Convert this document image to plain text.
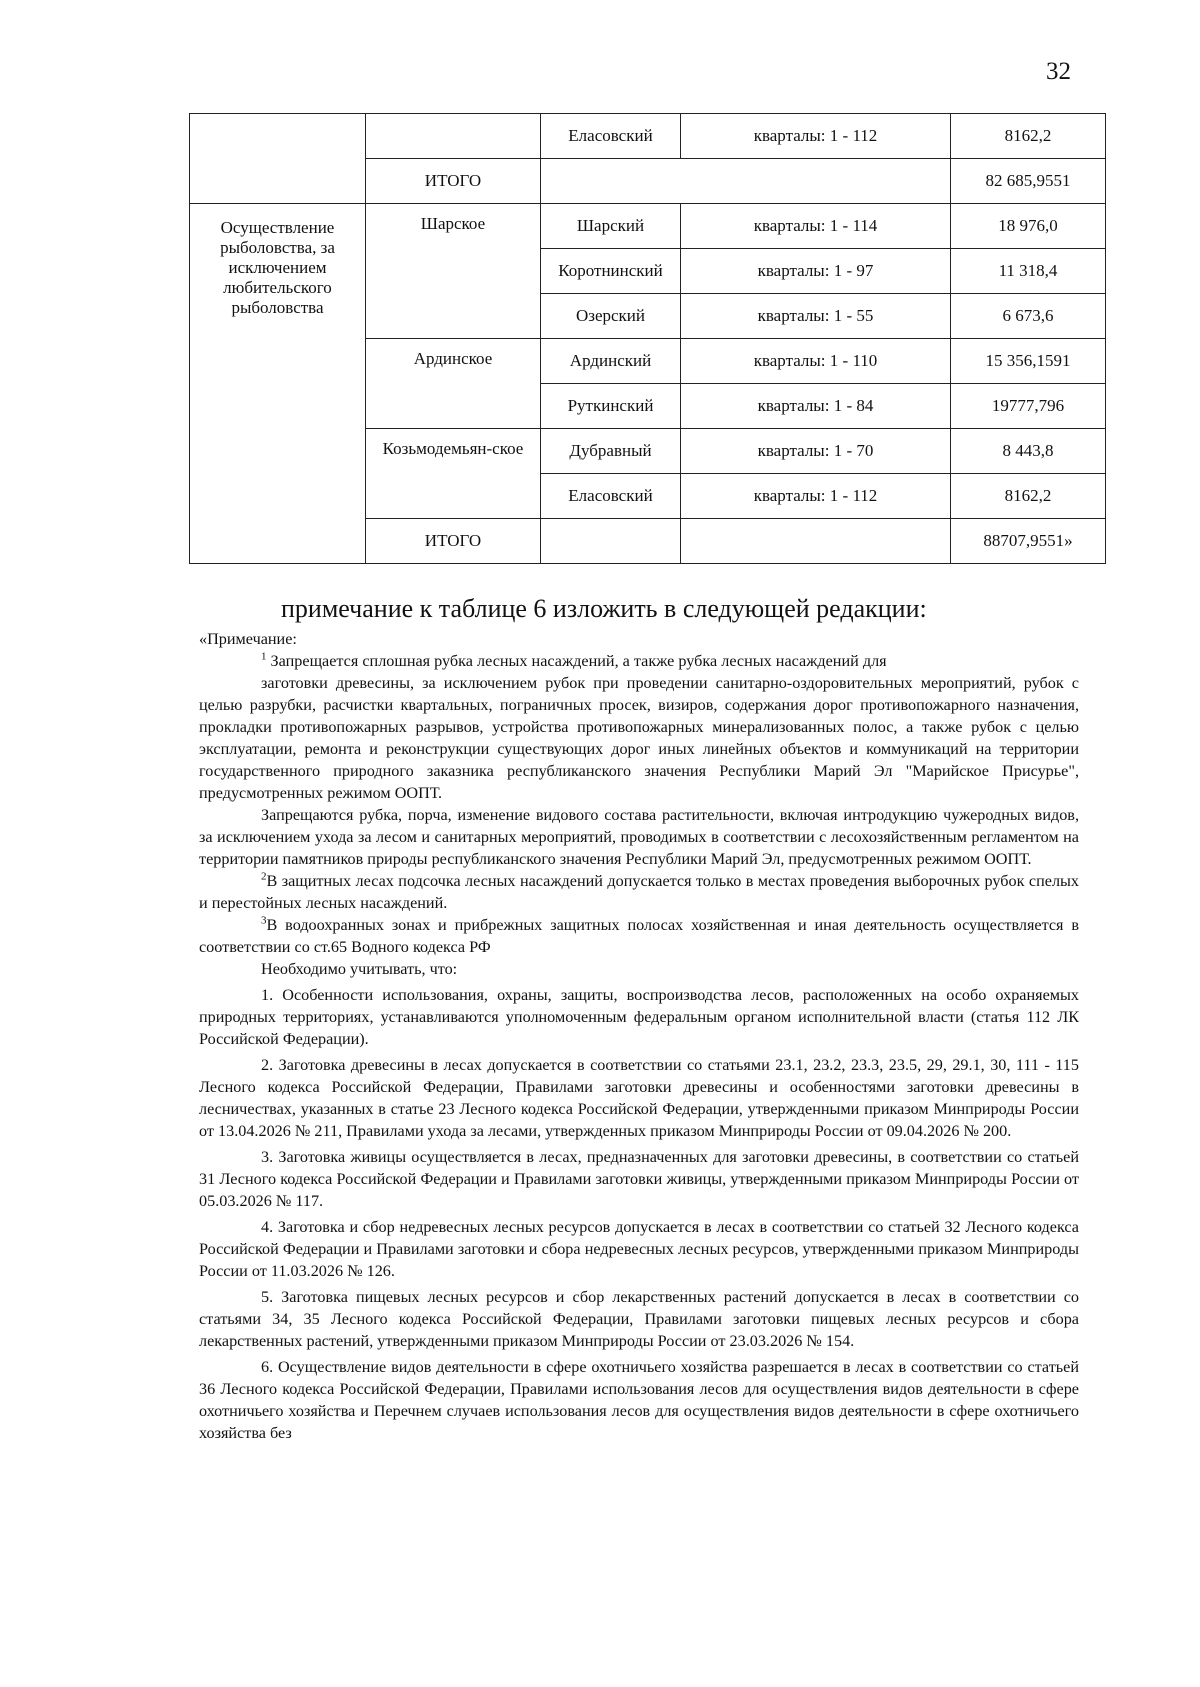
32
		Еласовский	кварталы: 1 - 112	8162,2
	ИТОГО			82 685,9551
Осуществление рыболовства, за исключением любительского рыболовства	Шарское	Шарский	кварталы: 1 - 114	18 976,0
		Коротнинский	кварталы: 1 - 97	11 318,4
		Озерский	кварталы: 1 - 55	6 673,6
	Ардинское	Ардинский	кварталы: 1 - 110	15 356,1591
		Руткинский	кварталы: 1 - 84	19777,796
	Козьмодемьян-ское	Дубравный	кварталы: 1 - 70	8 443,8
		Еласовский	кварталы: 1 - 112	8162,2
	ИТОГО			88707,9551»
примечание к таблице 6 изложить в следующей редакции:

«Примечание:

$^1$ Запрещается сплошная рубка лесных насаждений, а также рубка лесных насаждений для

заготовки древесины, за исключением рубок при проведении санитарно-оздоровительных мероприятий, рубок с целью разрубки, расчистки квартальных, пограничных просек, визиров, содержания дорог противопожарного назначения, прокладки противопожарных разрывов, устройства противопожарных минерализованных полос, а также рубок с целью эксплуатации, ремонта и реконструкции существующих дорог иных линейных объектов и коммуникаций на территории государственного природного заказника республиканского значения Республики Марий Эл "Марийское Присурье", предусмотренных режимом ООПТ.

Запрещаются рубка, порча, изменение видового состава растительности, включая интродукцию чужеродных видов, за исключением ухода за лесом и санитарных мероприятий, проводимых в соответствии с лесохозяйственным регламентом на территории памятников природы республиканского значения Республики Марий Эл, предусмотренных режимом ООПТ.

$^2$В защитных лесах подсочка лесных насаждений допускается только в местах проведения выборочных рубок спелых и перестойных лесных насаждений.

$^3$В водоохранных зонах и прибрежных защитных полосах хозяйственная и иная деятельность осуществляется в соответствии со ст.65 Водного кодекса РФ

Необходимо учитывать, что:

1. Особенности использования, охраны, защиты, воспроизводства лесов, расположенных на особо охраняемых природных территориях, устанавливаются уполномоченным федеральным органом исполнительной власти (статья 112 ЛК Российской Федерации).

2. Заготовка древесины в лесах допускается в соответствии со статьями 23.1, 23.2, 23.3, 23.5, 29, 29.1, 30, 111 - 115 Лесного кодекса Российской Федерации, Правилами заготовки древесины и особенностями заготовки древесины в лесничествах, указанных в статье 23 Лесного кодекса Российской Федерации, утвержденными приказом Минприроды России от 13.04.2026 № 211, Правилами ухода за лесами, утвержденных приказом Минприроды России от 09.04.2026 № 200.

3. Заготовка живицы осуществляется в лесах, предназначенных для заготовки древесины, в соответствии со статьей 31 Лесного кодекса Российской Федерации и Правилами заготовки живицы, утвержденными приказом Минприроды России от 05.03.2026 № 117.

4. Заготовка и сбор недревесных лесных ресурсов допускается в лесах в соответствии со статьей 32 Лесного кодекса Российской Федерации и Правилами заготовки и сбора недревесных лесных ресурсов, утвержденными приказом Минприроды России от 11.03.2026 № 126.

5. Заготовка пищевых лесных ресурсов и сбор лекарственных растений допускается в лесах в соответствии со статьями 34, 35 Лесного кодекса Российской Федерации, Правилами заготовки пищевых лесных ресурсов и сбора лекарственных растений, утвержденными приказом Минприроды России от 23.03.2026 № 154.

6. Осуществление видов деятельности в сфере охотничьего хозяйства разрешается в лесах в соответствии со статьей 36 Лесного кодекса Российской Федерации, Правилами использования лесов для осуществления видов деятельности в сфере охотничьего хозяйства и Перечнем случаев использования лесов для осуществления видов деятельности в сфере охотничьего хозяйства без
